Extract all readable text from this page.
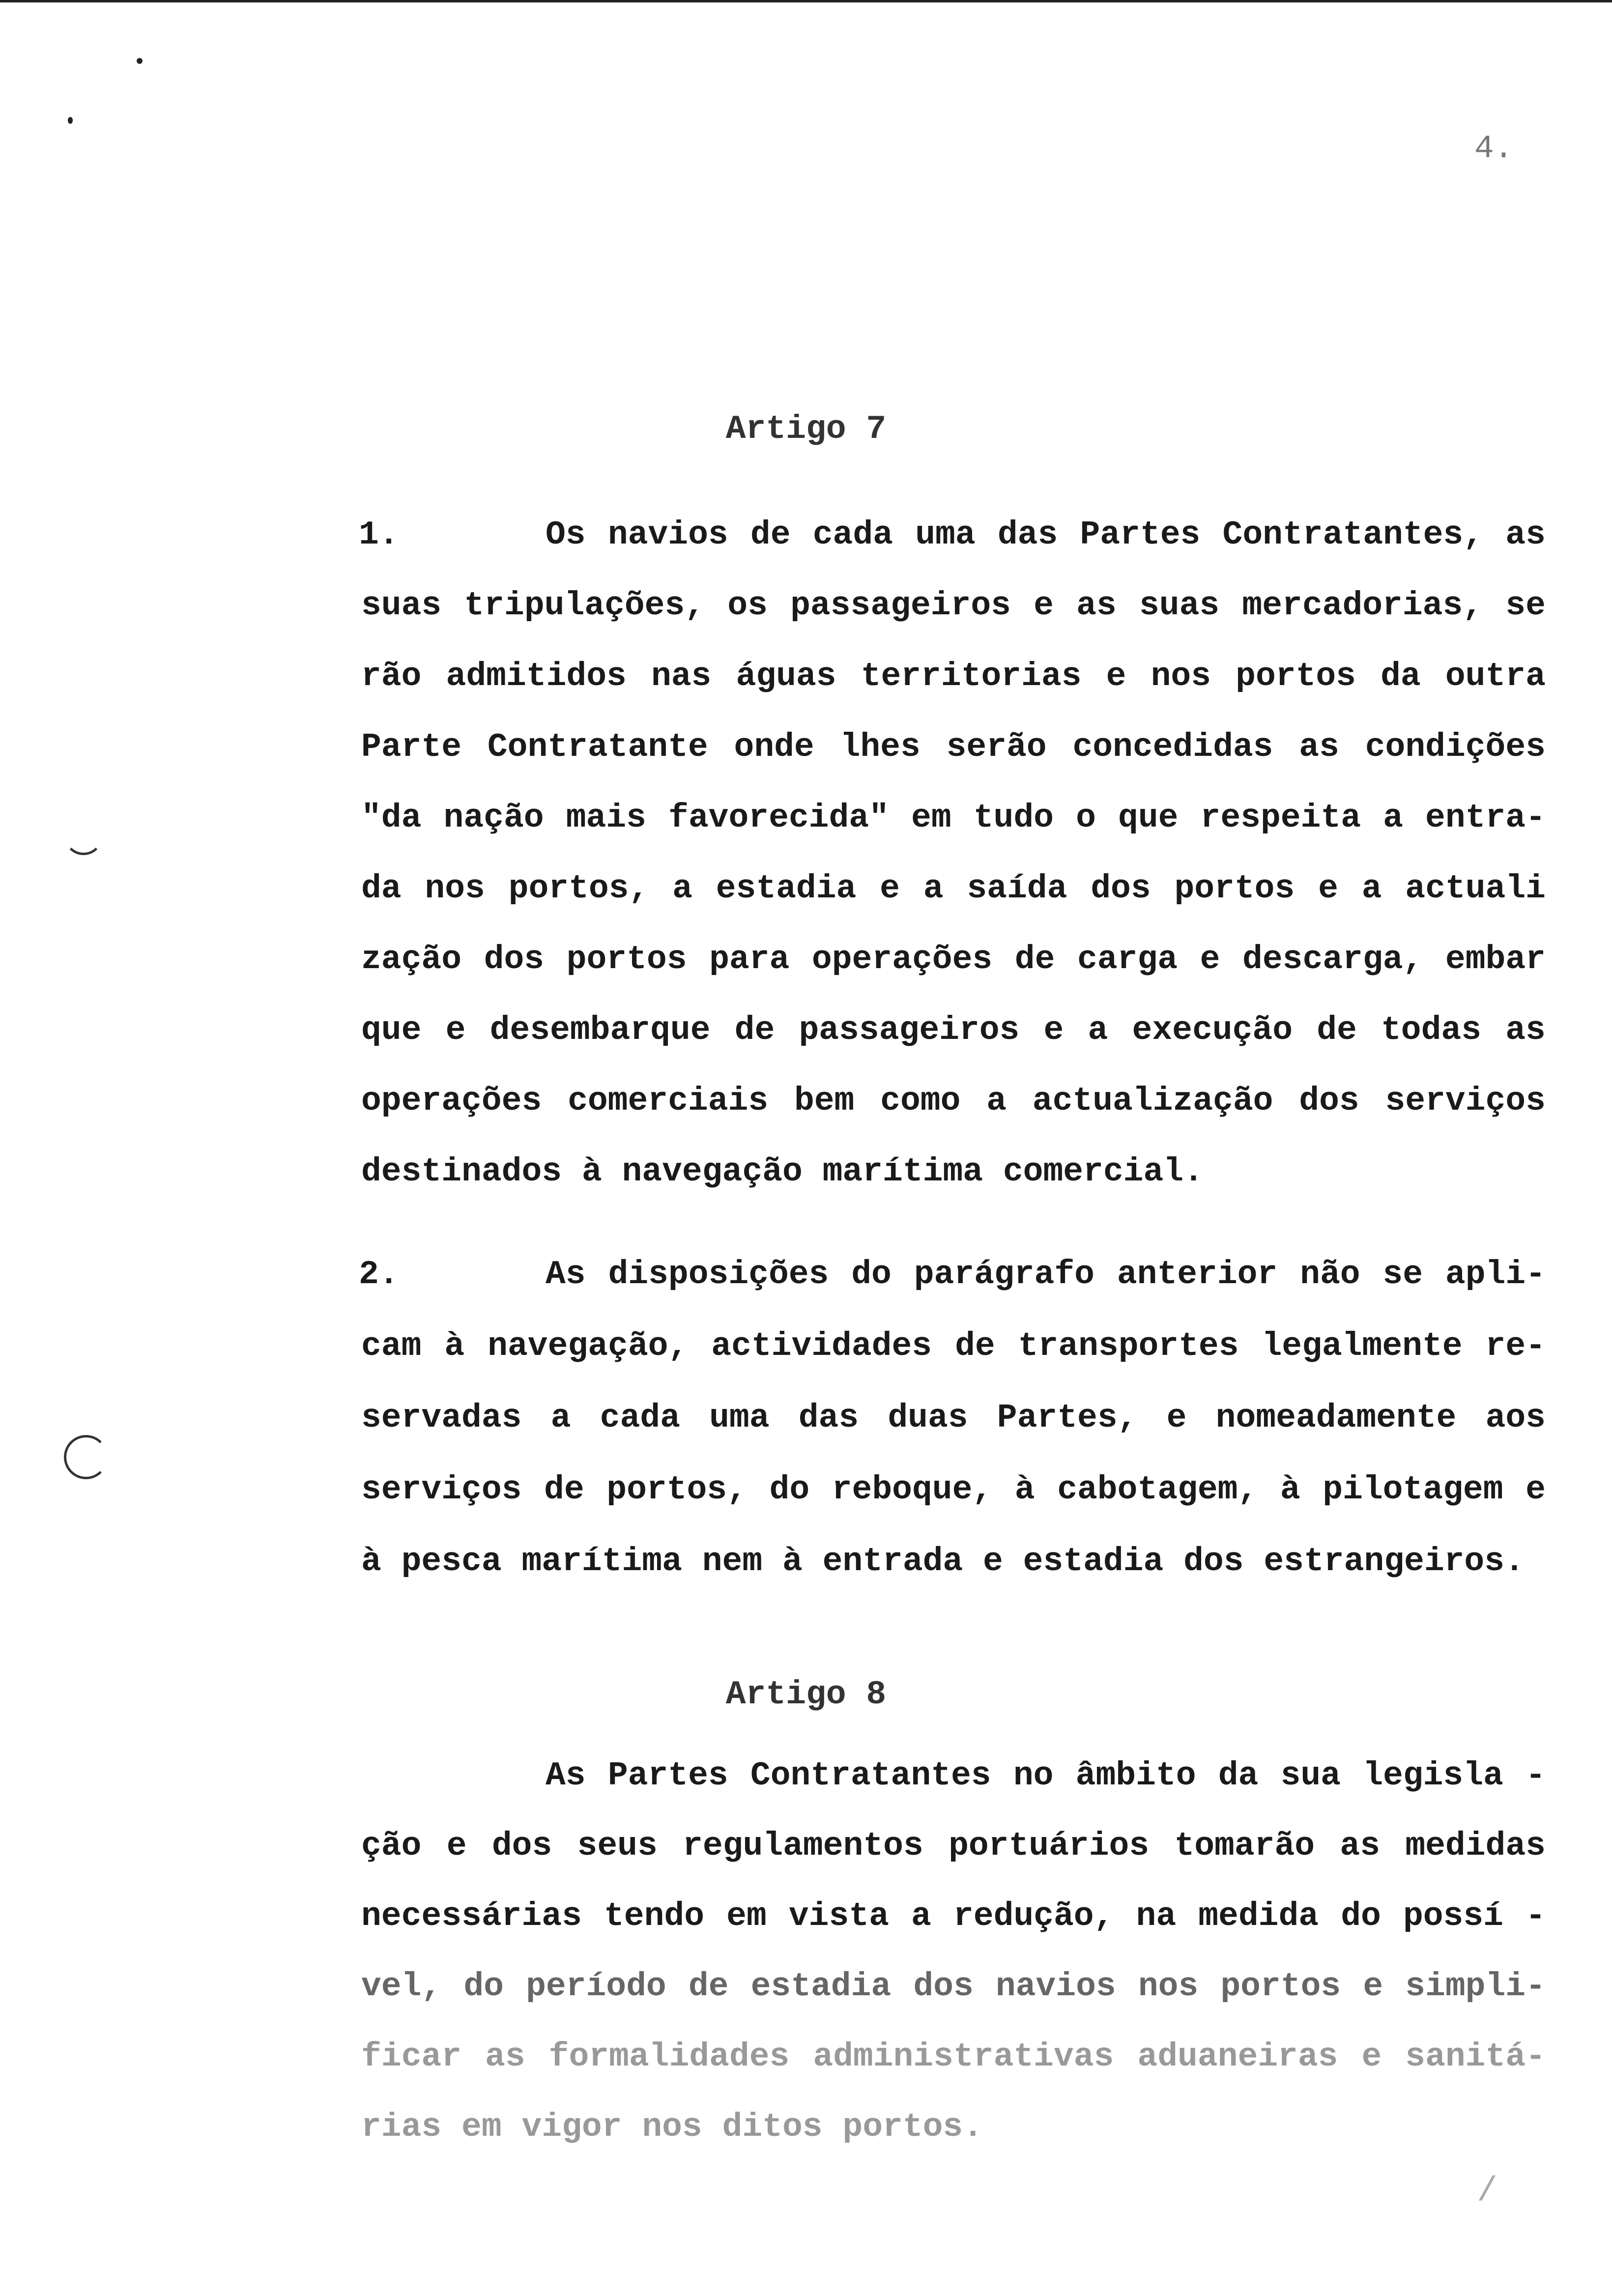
4.
Artigo 7
1.	Os navios de cada uma das Partes Contratantes, as
suas tripulações, os passageiros e as suas mercadorias, se
rão admitidos nas águas territorias e nos portos da outra
Parte Contratante onde lhes serão concedidas as condições
"da nação mais favorecida" em tudo o que respeita a entra-
da nos portos, a estadia e a saída dos portos e a actuali
zação dos portos para operações de carga e descarga, embar
que e desembarque de passageiros e a execução de todas as
operações comerciais bem como a actualização dos serviços
destinados à navegação marítima comercial.
2.	As disposições do parágrafo anterior não se apli-
cam à navegação, actividades de transportes legalmente re-
servadas a cada uma das duas Partes, e nomeadamente aos
serviços de portos, do reboque, à cabotagem, à pilotagem e
à pesca marítima nem à entrada e estadia dos estrangeiros.
Artigo 8
As Partes Contratantes no âmbito da sua legisla -
ção e dos seus regulamentos portuários tomarão as medidas
necessárias tendo em vista a redução, na medida do possí -
vel, do período de estadia dos navios nos portos e simpli-
ficar as formalidades administrativas aduaneiras e sanitá-
rias em vigor nos ditos portos.
/
